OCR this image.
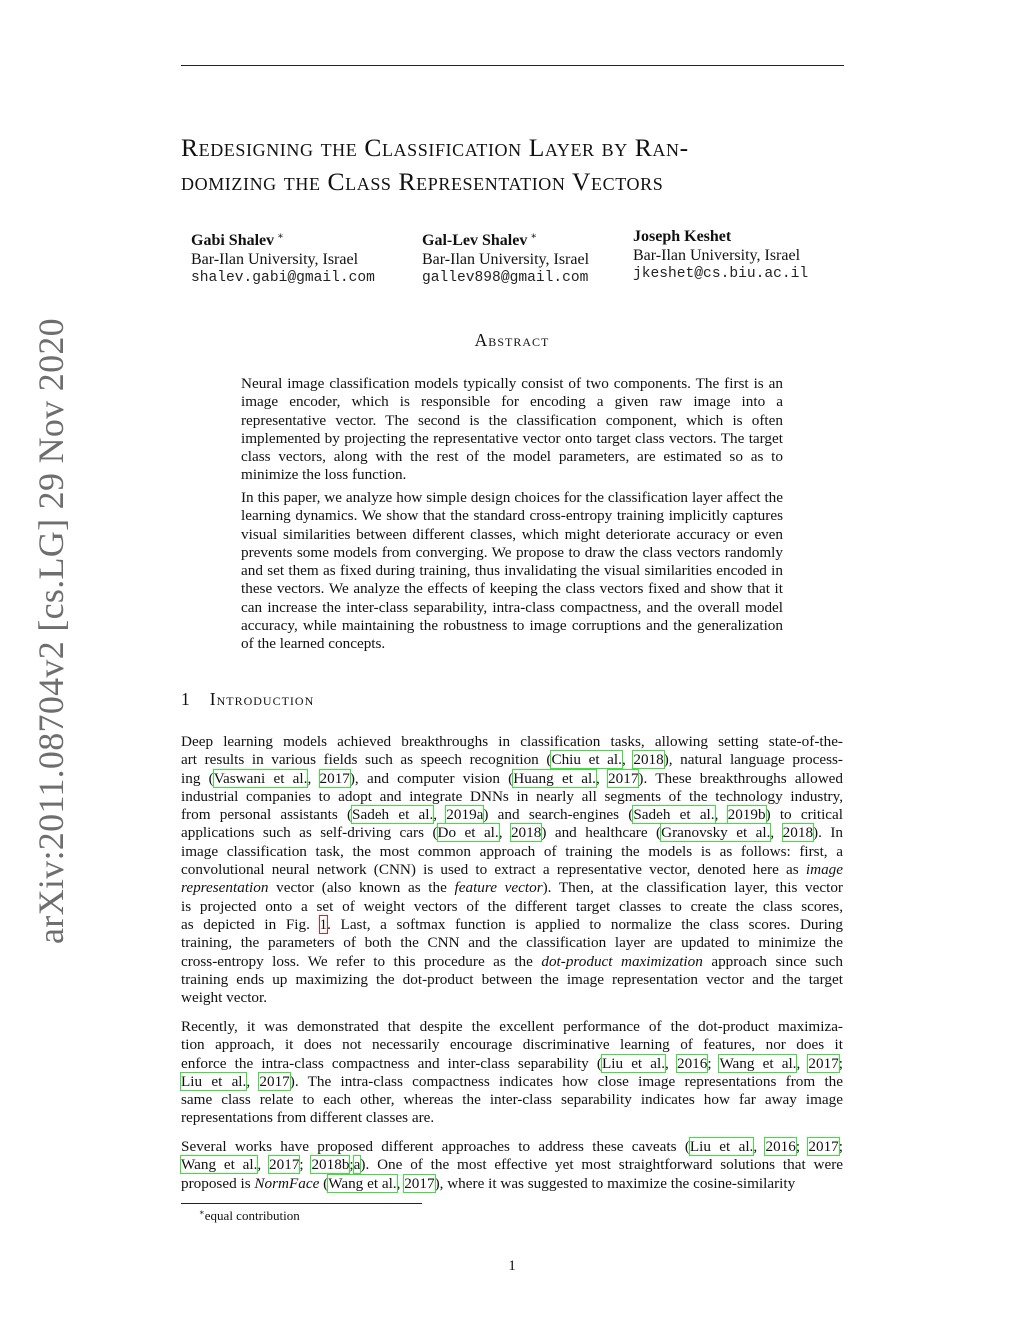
arXiv:2011.08704v2 [cs.LG] 29 Nov 2020
Redesigning the Classification Layer by Ran-
domizing the Class Representation Vectors
Gabi Shalev ∗
Bar-Ilan University, Israel
shalev.gabi@gmail.com
Gal-Lev Shalev ∗
Bar-Ilan University, Israel
gallev898@gmail.com
Joseph Keshet
Bar-Ilan University, Israel
jkeshet@cs.biu.ac.il
Abstract
Neural image classification models typically consist of two components. The first is an image encoder, which is responsible for encoding a given raw image into a representative vector. The second is the classification component, which is often implemented by projecting the representative vector onto target class vectors. The target class vectors, along with the rest of the model parameters, are estimated so as to minimize the loss function.
In this paper, we analyze how simple design choices for the classification layer affect the learning dynamics. We show that the standard cross-entropy training implicitly captures visual similarities between different classes, which might deteriorate accuracy or even prevents some models from converging. We propose to draw the class vectors randomly and set them as fixed during training, thus invalidating the visual similarities encoded in these vectors. We analyze the effects of keeping the class vectors fixed and show that it can increase the inter-class separability, intra-class compactness, and the overall model accuracy, while maintaining the robustness to image corruptions and the generalization of the learned concepts.
1 Introduction
Deep learning models achieved breakthroughs in classification tasks, allowing setting state-of-the-
art results in various fields such as speech recognition (Chiu et al., 2018), natural language process-
ing (Vaswani et al., 2017), and computer vision (Huang et al., 2017). These breakthroughs allowed
industrial companies to adopt and integrate DNNs in nearly all segments of the technology industry,
from personal assistants (Sadeh et al., 2019a) and search-engines (Sadeh et al., 2019b) to critical
applications such as self-driving cars (Do et al., 2018) and healthcare (Granovsky et al., 2018). In
image classification task, the most common approach of training the models is as follows: first, a
convolutional neural network (CNN) is used to extract a representative vector, denoted here as image
representation vector (also known as the feature vector). Then, at the classification layer, this vector
is projected onto a set of weight vectors of the different target classes to create the class scores,
as depicted in Fig. 1. Last, a softmax function is applied to normalize the class scores. During
training, the parameters of both the CNN and the classification layer are updated to minimize the
cross-entropy loss. We refer to this procedure as the dot-product maximization approach since such
training ends up maximizing the dot-product between the image representation vector and the target
weight vector.
Recently, it was demonstrated that despite the excellent performance of the dot-product maximiza-
tion approach, it does not necessarily encourage discriminative learning of features, nor does it
enforce the intra-class compactness and inter-class separability (Liu et al., 2016; Wang et al., 2017;
Liu et al., 2017). The intra-class compactness indicates how close image representations from the
same class relate to each other, whereas the inter-class separability indicates how far away image
representations from different classes are.
Several works have proposed different approaches to address these caveats (Liu et al., 2016; 2017;
Wang et al., 2017; 2018b;a). One of the most effective yet most straightforward solutions that were
proposed is NormFace (Wang et al., 2017), where it was suggested to maximize the cosine-similarity
∗equal contribution
1
